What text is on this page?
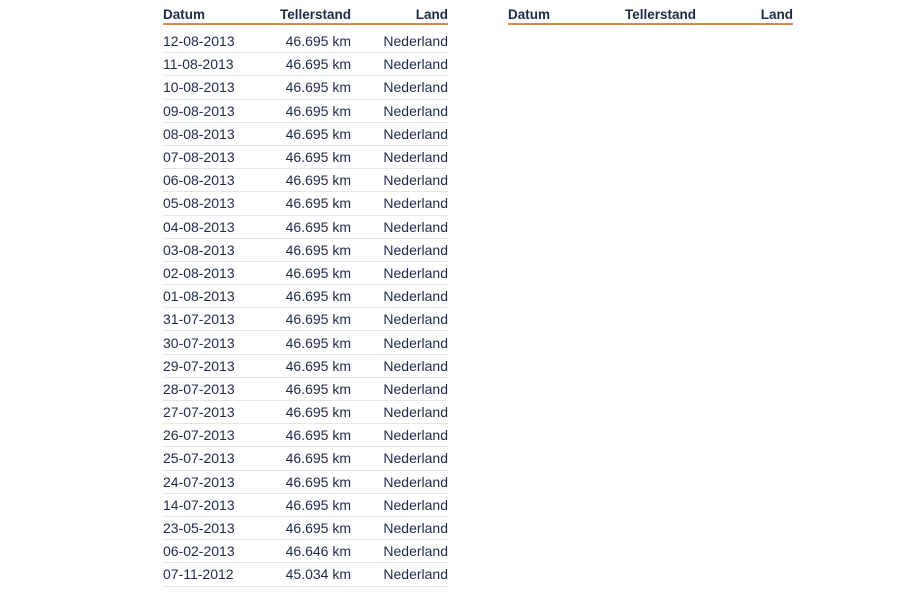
Datum	Tellerstand	Land
12-08-2013	46.695 km	Nederland
11-08-2013	46.695 km	Nederland
10-08-2013	46.695 km	Nederland
09-08-2013	46.695 km	Nederland
08-08-2013	46.695 km	Nederland
07-08-2013	46.695 km	Nederland
06-08-2013	46.695 km	Nederland
05-08-2013	46.695 km	Nederland
04-08-2013	46.695 km	Nederland
03-08-2013	46.695 km	Nederland
02-08-2013	46.695 km	Nederland
01-08-2013	46.695 km	Nederland
31-07-2013	46.695 km	Nederland
30-07-2013	46.695 km	Nederland
29-07-2013	46.695 km	Nederland
28-07-2013	46.695 km	Nederland
27-07-2013	46.695 km	Nederland
26-07-2013	46.695 km	Nederland
25-07-2013	46.695 km	Nederland
24-07-2013	46.695 km	Nederland
14-07-2013	46.695 km	Nederland
23-05-2013	46.695 km	Nederland
06-02-2013	46.646 km	Nederland
07-11-2012	45.034 km	Nederland
Datum	Tellerstand	Land
